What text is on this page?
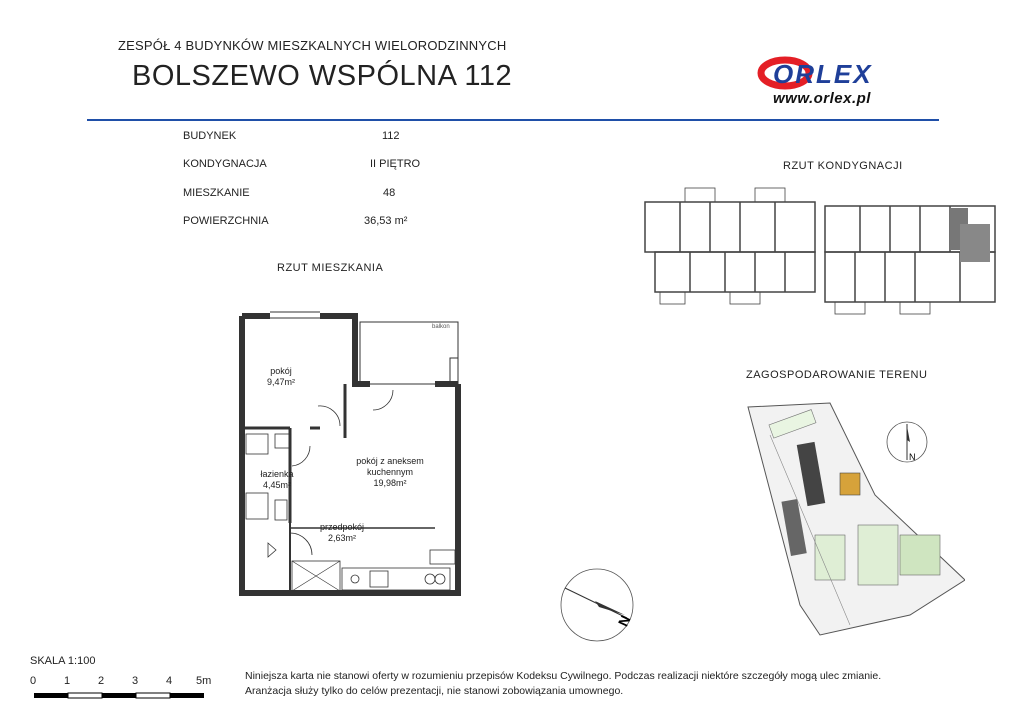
ZESPÓŁ 4 BUDYNKÓW MIESZKALNYCH WIELORODZINNYCH
BOLSZEWO WSPÓLNA 112	ORLEX
www.orlex.pl
BUDYNEK	112
KONDYGNACJA	II PIĘTRO
MIESZKANIE	48
POWIERZCHNIA	36,53 m²
RZUT MIESZKANIA
RZUT KONDYGNACJI
ZAGOSPODAROWANIE TERENU
balkon
pokój
9,47m²
łazienka
4,45m²
pokój z aneksem
kuchennym
19,98m²
przedpokój
2,63m²
N
N
SKALA 1:100
0	1	2	3	4 5m	Niniejsza karta nie stanowi oferty w rozumieniu przepisów Kodeksu Cywilnego. Podczas realizacji niektóre szczegóły mogą ulec zmianie.
Aranżacja służy tylko do celów prezentacji, nie stanowi zobowiązania umownego.
